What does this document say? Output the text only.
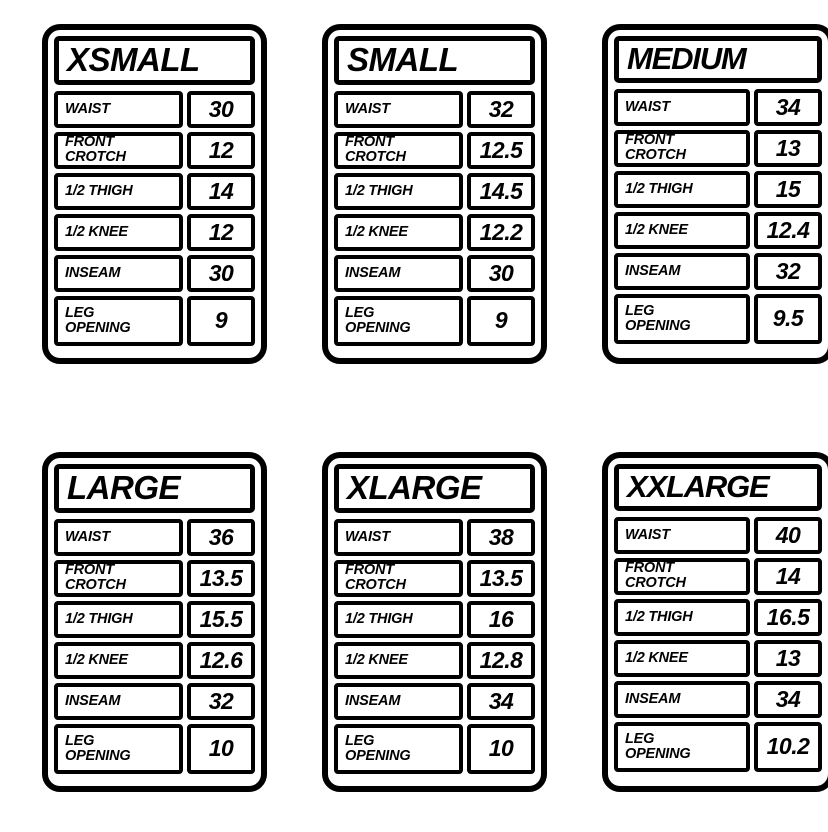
XSMALL
WAIST	30
FRONT
CROTCH	12
1/2 THIGH	14
1/2 KNEE	12
INSEAM	30
LEG
OPENING	9
SMALL
WAIST	32
FRONT
CROTCH	12.5
1/2 THIGH	14.5
1/2 KNEE	12.2
INSEAM	30
LEG
OPENING	9
MEDIUM
WAIST	34
FRONT
CROTCH	13
1/2 THIGH	15
1/2 KNEE	12.4
INSEAM	32
LEG
OPENING	9.5
LARGE
WAIST	36
FRONT
CROTCH	13.5
1/2 THIGH	15.5
1/2 KNEE	12.6
INSEAM	32
LEG
OPENING	10
XLARGE
WAIST	38
FRONT
CROTCH	13.5
1/2 THIGH	16
1/2 KNEE	12.8
INSEAM	34
LEG
OPENING	10
XXLARGE
WAIST	40
FRONT
CROTCH	14
1/2 THIGH	16.5
1/2 KNEE	13
INSEAM	34
LEG
OPENING	10.2
